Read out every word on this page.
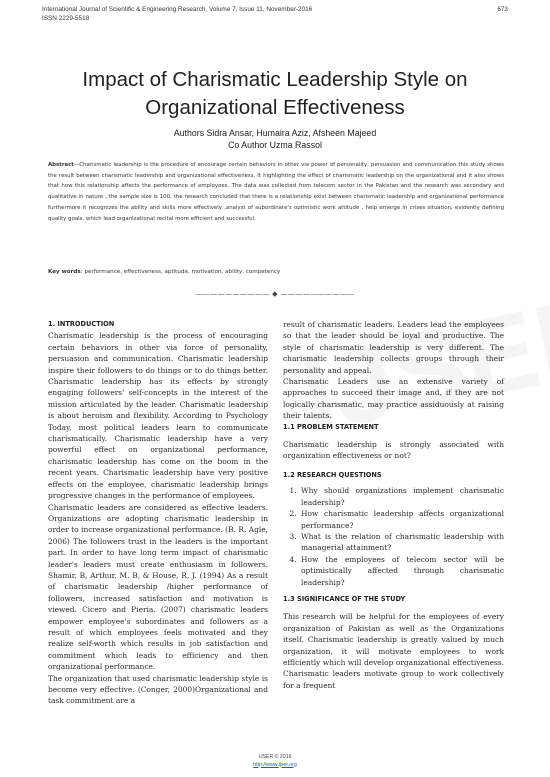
International Journal of Scientific & Engineering Research, Volume 7, Issue 11, November-2016
ISSN 2229-5518
673
Impact of Charismatic Leadership Style on Organizational Effectiveness
Authors Sidra Ansar, Humaira Aziz, Afsheen Majeed
Co Author Uzma Rassol
Abstract—Charismatic leadership is the procedure of encourage certain behaviors in other via power of personality, persuasion and communication this study shows the result between charismatic leadership and organizational effectiveness. It highlighting the effect of charismatic leadership on the organizational and it also shows that how this relationship affects the performance of employees. The data was collected from telecom sector in the Pakistan and the research was secondary and qualitative in nature , the sample size is 100, the research concluded that there is a relationship exist between charismatic leadership and organizational performance furthermore it recognizes the ability and skills more effectively ,analyst of subordinate's optimistic work attitude , help emerge in crises situation, evidently defining quality goals, which lead organizational recital more efficient and successful.
Key words: performance, effectiveness, aptitude, motivation, ability, competency
—————————— ◆ ——————————
1. INTRODUCTION

Charismatic leadership is the process of encouraging certain behaviors in other via force of personality, persuasion and communication. Charismatic leadership inspire their followers to do things or to do things better. Charismatic leadership has its effects by strongly engaging followers' self-concepts in the interest of the mission articulated by the leader. Charismatic leadership is about heroism and flexibility. According to Psychology Today, most political leaders learn to communicate charismatically. Charismatic leadership have a very powerful effect on organizational performance, charismatic leadership has come on the boom in the recent years. Charismatic leadership have very positive effects on the employee, charismatic leadership brings progressive changes in the performance of employees.

Charismatic leaders are considered as effective leaders. Organizations are adopting charismatic leadership in order to increase organizational performance. (B. R. Agle, 2006) The followers trust in the leaders is the important part. In order to have long term impact of charismatic leader's leaders must create enthusiasm in followers. Shamir, B, Arthur, M. B, & House, R, J. (1994) As a result of charismatic leadership /higher performance of followers, increased satisfaction and motivation is viewed. Cicero and Pieria. (2007) charismatic leaders empower employee's subordinates and followers as a result of which employees feels motivated and they realize self-worth which results in job satisfaction and commitment which leads to efficiency and then organizational performance.

The organization that used charismatic leadership style is become very effective. (Conger, 2000)Organizational and task commitment are a

result of charismatic leaders. Leaders lead the employees so that the leader should be loyal and productive. The style of charismatic leadership is very different. The charismatic leadership collects groups through their personality and appeal.

Charismatic Leaders use an extensive variety of approaches to succeed their image and, if they are not logically charismatic, may practice assiduously at raising their talents.

1.1 PROBLEM STATEMENT

Charismatic leadership is strongly associated with organization effectiveness or not?

1.2 RESEARCH QUESTIONS
1. Why should organizations implement charismatic leadership?
2. How charismatic leadership affects organizational performance?
3. What is the relation of charismatic leadership with managerial attainment?
4. How the employees of telecom sector will be optimistically affected through charismatic leadership?
1.3 SIGNIFICANCE OF THE STUDY

This research will be helpful for the employees of every organization of Pakistan as well as the Organizations itself. Charismatic leadership is greatly valued by much organization, it will motivate employees to work efficiently which will develop organizational effectiveness. Charismatic leaders motivate group to work collectively for a frequent

IJSER © 2016
http://www.ijser.org
